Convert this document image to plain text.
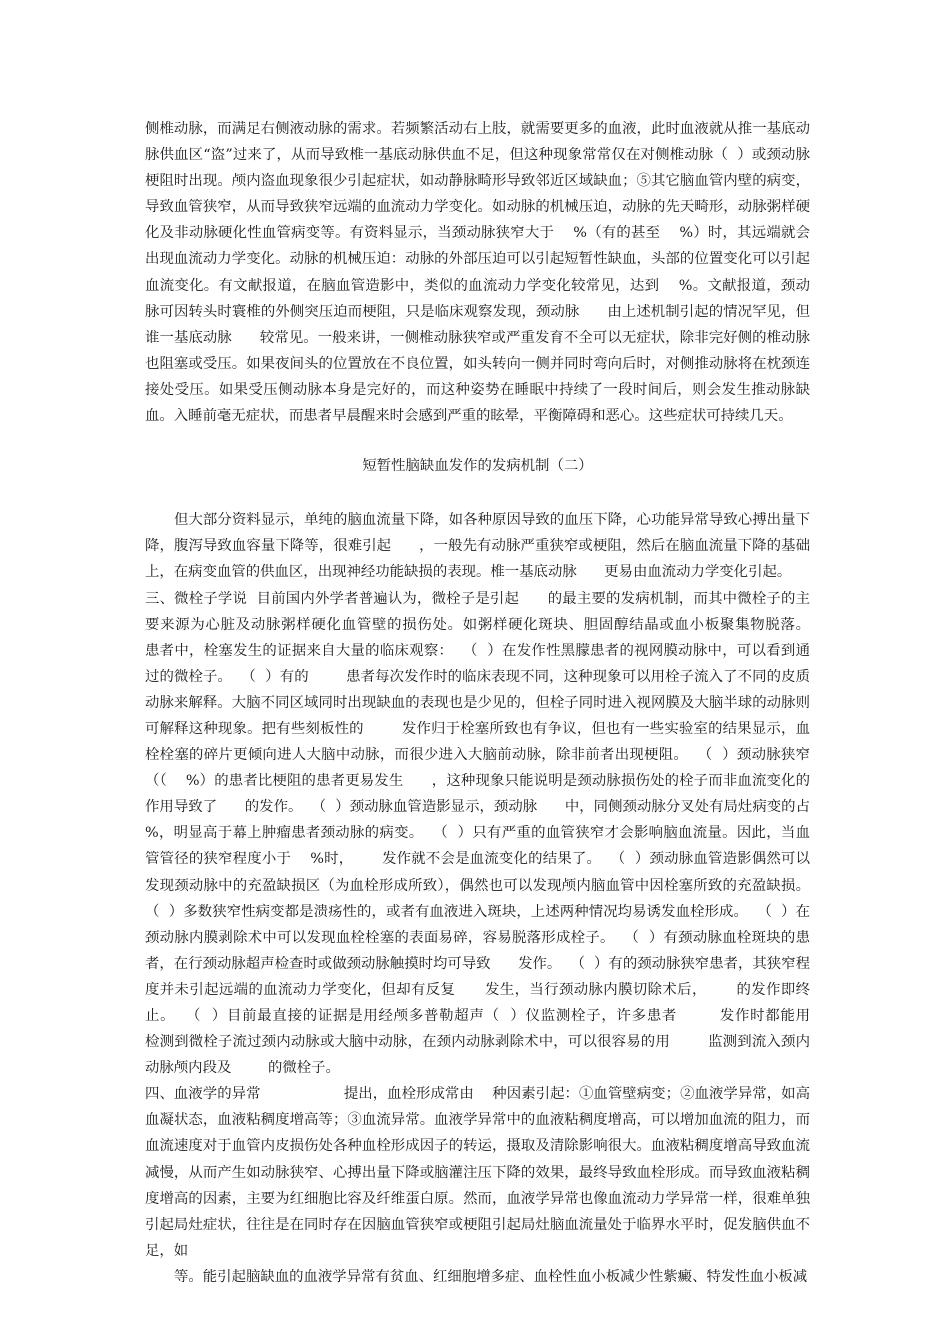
侧椎动脉，而满足右侧液动脉的需求。若频繁活动右上肢，就需要更多的血液，此时血液就从推一基底动脉供血区“盗”过来了，从而导致椎一基底动脉供血不足，但这种现象常常仅在对侧椎动脉（  ）或颈动脉梗阻时出现。颅内盗血现象很少引起症状，如动静脉畸形导致邻近区域缺血；⑤其它脑血管内壁的病变，导致血管狭窄，从而导致狭窄远端的血流动力学变化。如动脉的机械压迫，动脉的先天畸形，动脉粥样硬化及非动脉硬化性血管病变等。有资料显示，当颈动脉狭窄大于    %（有的甚至    %）时，其远端就会出现血流动力学变化。动脉的机械压迫：动脉的外部压迫可以引起短暂性缺血，头部的位置变化可以引起血流变化。有文献报道，在脑血管造影中，类似的血流动力学变化较常见，达到    %。文献报道，颈动脉可因转头时寰椎的外侧突压迫而梗阻，只是临床观察发现，颈动脉      由上述机制引起的情况罕见，但谁一基底动脉      较常见。一般来讲，一侧椎动脉狭窄或严重发育不全可以无症状，除非完好侧的椎动脉也阻塞或受压。如果夜间头的位置放在不良位置，如头转向一侧并同时弯向后时，对侧推动脉将在枕颈连接处受压。如果受压侧动脉本身是完好的，而这种姿势在睡眠中持续了一段时间后，则会发生推动脉缺血。入睡前毫无症状，而患者早晨醒来时会感到严重的眩晕，平衡障碍和恶心。这些症状可持续几天。

短暂性脑缺血发作的发病机制（二）

但大部分资料显示，单纯的脑血流量下降，如各种原因导致的血压下降，心功能异常导致心搏出量下降，腹泻导致血容量下降等，很难引起      ，一般先有动脉严重狭窄或梗阻，然后在脑血流量下降的基础上，在病变血管的供血区，出现神经功能缺损的表现。椎一基底动脉      更易由血流动力学变化引起。

三、微栓子学说  目前国内外学者普遍认为，微栓子是引起      的最主要的发病机制，而其中微栓子的主要来源为心脏及动脉粥样硬化血管壁的损伤处。如粥样硬化斑块、胆固醇结晶或血小板聚集物脱落。        患者中，栓塞发生的证据来自大量的临床观察：  （  ）在发作性黑朦患者的视网膜动脉中，可以看到通过的微栓子。  （  ）有的        患者每次发作时的临床表现不同，这种现象可以用栓子流入了不同的皮质动脉来解释。大脑不同区域同时出现缺血的表现也是少见的，但栓子同时进入视网膜及大脑半球的动脉则可解释这种现象。把有些刻板性的        发作归于栓塞所致也有争议，但也有一些实验室的结果显示，血栓栓塞的碎片更倾向进人大脑中动脉，而很少进入大脑前动脉，除非前者出现梗阻。  （  ）颈动脉狭窄（（    %）的患者比梗阻的患者更易发生      ，这种现象只能说明是颈动脉损伤处的栓子而非血流变化的作用导致了      的发作。  （  ）颈动脉血管造影显示，颈动脉      中，同侧颈动脉分叉处有局灶病变的占    %，明显高于幕上肿瘤患者颈动脉的病变。  （  ）只有严重的血管狭窄才会影响脑血流量。因此，当血管管径的狭窄程度小于    %时，      发作就不会是血流变化的结果了。  （  ）颈动脉血管造影偶然可以发现颈动脉中的充盈缺损区（为血栓形成所致），偶然也可以发现颅内脑血管中因栓塞所致的充盈缺损。  （  ）多数狭窄性病变都是溃疡性的，或者有血液进入斑块，上述两种情况均易诱发血栓形成。  （  ）在颈动脉内膜剥除术中可以发现血栓栓塞的表面易碎，容易脱落形成栓子。  （  ）有颈动脉血栓斑块的患者，在行颈动脉超声检查时或做颈动脉触摸时均可导致      发作。  （  ）有的颈动脉狭窄患者，其狭窄程度并未引起远端的血流动力学变化，但却有反复      发生，当行颈动脉内膜切除术后，      的发作即终止。  （  ）目前最直接的证据是用经颅多普勒超声（  ）仪监测栓子，许多患者        发作时都能用        检测到微栓子流过颈内动脉或大脑中动脉，在颈内动脉剥除术中，可以很容易的用        监测到流入颈内动脉颅内段及        的微栓子。

四、血液学的异常                  提出，血栓形成常由    种因素引起：①血管壁病变；②血液学异常，如高血凝状态，血液粘稠度增高等；③血流异常。血液学异常中的血液粘稠度增高，可以增加血流的阻力，而血流速度对于血管内皮损伤处各种血栓形成因子的转运，摄取及清除影响很大。血液粘稠度增高导致血流减慢，从而产生如动脉狭窄、心搏出量下降或脑灌注压下降的效果，最终导致血栓形成。而导致血液粘稠度增高的因素，主要为红细胞比容及纤维蛋白原。然而，血液学异常也像血流动力学异常一样，很难单独引起局灶症状，往往是在同时存在因脑血管狭窄或梗阻引起局灶脑血流量处于临界水平时，促发脑供血不足，如

等。能引起脑缺血的血液学异常有贫血、红细胞增多症、血栓性血小板减少性紫癜、特发性血小板减
